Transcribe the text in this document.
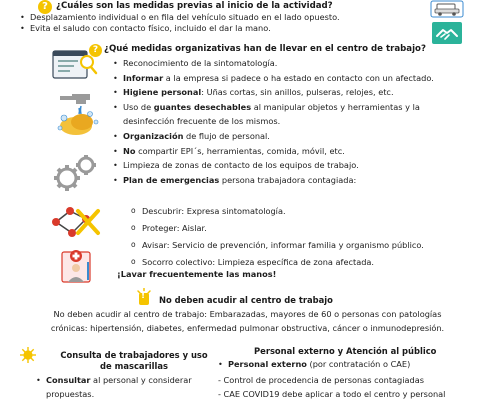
? ¿Cuáles son las medidas previas al inicio de la actividad?
• Desplazamiento individual o en fila del vehículo situado en el lado opuesto.
• Evita el saludo con contacto físico, incluido el dar la mano.
? ¿Qué medidas organizativas han de llevar en el centro de trabajo?
• Reconocimiento de la sintomatología.
• Informar a la empresa si padece o ha estado en contacto con un afectado.
• Higiene personal: Uñas cortas, sin anillos, pulseras, relojes, etc.
• Uso de guantes desechables al manipular objetos y herramientas y la
desinfección frecuente de los mismos.
• Organización de flujo de personal.
• No compartir EPI´s, herramientas, comida, móvil, etc.
• Limpieza de zonas de contacto de los equipos de trabajo.
• Plan de emergencias persona trabajadora contagiada:
o Descubrir: Expresa sintomatología.
o Proteger: Aislar.
o Avisar: Servicio de prevención, informar familia y organismo público.
o Socorro colectivo: Limpieza específica de zona afectada.
¡Lavar frecuentemente las manos!
! No deben acudir al centro de trabajo
No deben acudir al centro de trabajo: Embarazadas, mayores de 60 o personas con patologías
crónicas: hipertensión, diabetes, enfermedad pulmonar obstructiva, cáncer o inmunodepresión.
Consulta de trabajadores y uso
de mascarillas
• Consultar al personal y considerar
propuestas.
Personal externo y Atención al público
• Personal externo (por contratación o CAE)
- Control de procedencia de personas contagiadas
- CAE COVID19 debe aplicar a todo el centro y personal
